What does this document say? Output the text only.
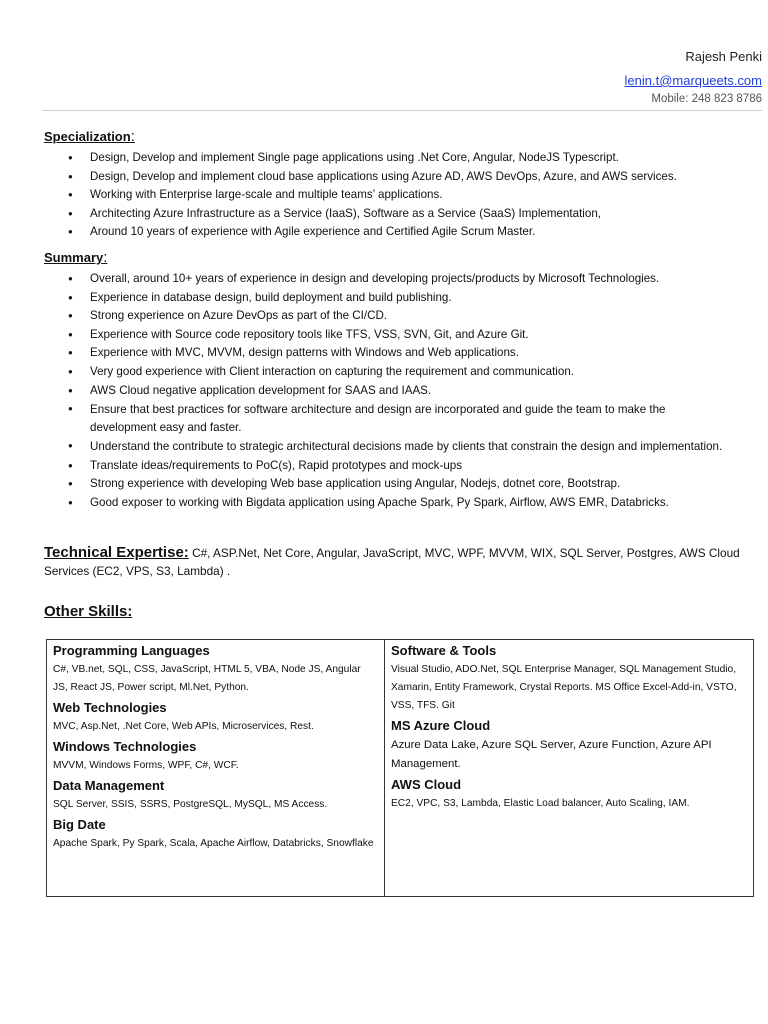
Rajesh Penki
lenin.t@marqueets.com
Mobile: 248 823 8786
Specialization:
● Design, Develop and implement Single page applications using .Net Core, Angular, NodeJS Typescript.
● Design, Develop and implement cloud base applications using Azure AD, AWS DevOps, Azure, and AWS services.
● Working with Enterprise large-scale and multiple teams’ applications.
● Architecting Azure Infrastructure as a Service (IaaS), Software as a Service (SaaS) Implementation,
● Around 10 years of experience with Agile experience and Certified Agile Scrum Master.
Summary:
● Overall, around 10+ years of experience in design and developing projects/products by Microsoft Technologies.
● Experience in database design, build deployment and build publishing.
● Strong experience on Azure DevOps as part of the CI/CD.
● Experience with Source code repository tools like TFS, VSS, SVN, Git, and Azure Git.
● Experience with MVC, MVVM, design patterns with Windows and Web applications.
● Very good experience with Client interaction on capturing the requirement and communication.
● AWS Cloud negative application development for SAAS and IAAS.
● Ensure that best practices for software architecture and design are incorporated and guide the team to make the development easy and faster.
● Understand the contribute to strategic architectural decisions made by clients that constrain the design and implementation.
● Translate ideas/requirements to PoC(s), Rapid prototypes and mock-ups
● Strong experience with developing Web base application using Angular, Nodejs, dotnet core, Bootstrap.
● Good exposer to working with Bigdata application using Apache Spark, Py Spark, Airflow, AWS EMR, Databricks.
Technical Expertise: C#, ASP.Net, Net Core, Angular, JavaScript, MVC, WPF, MVVM, WIX, SQL Server, Postgres, AWS Cloud Services (EC2, VPS, S3, Lambda) .
Other Skills:
Programming Languages
C#, VB.net, SQL, CSS, JavaScript, HTML 5, VBA, Node JS, Angular JS, React JS, Power script, Ml.Net, Python.
Web Technologies
MVC, Asp.Net, .Net Core, Web APIs, Microservices, Rest.
Windows Technologies
MVVM, Windows Forms, WPF, C#, WCF.
Data Management
SQL Server, SSIS, SSRS, PostgreSQL, MySQL, MS Access.
Big Date
Apache Spark, Py Spark, Scala, Apache Airflow, Databricks, Snowflake
Software & Tools
Visual Studio, ADO.Net, SQL Enterprise Manager, SQL Management Studio, Xamarin, Entity Framework, Crystal Reports. MS Office Excel-Add-in, VSTO, VSS, TFS. Git
MS Azure Cloud
Azure Data Lake, Azure SQL Server, Azure Function, Azure API Management.
AWS Cloud
EC2, VPC, S3, Lambda, Elastic Load balancer, Auto Scaling, IAM.
